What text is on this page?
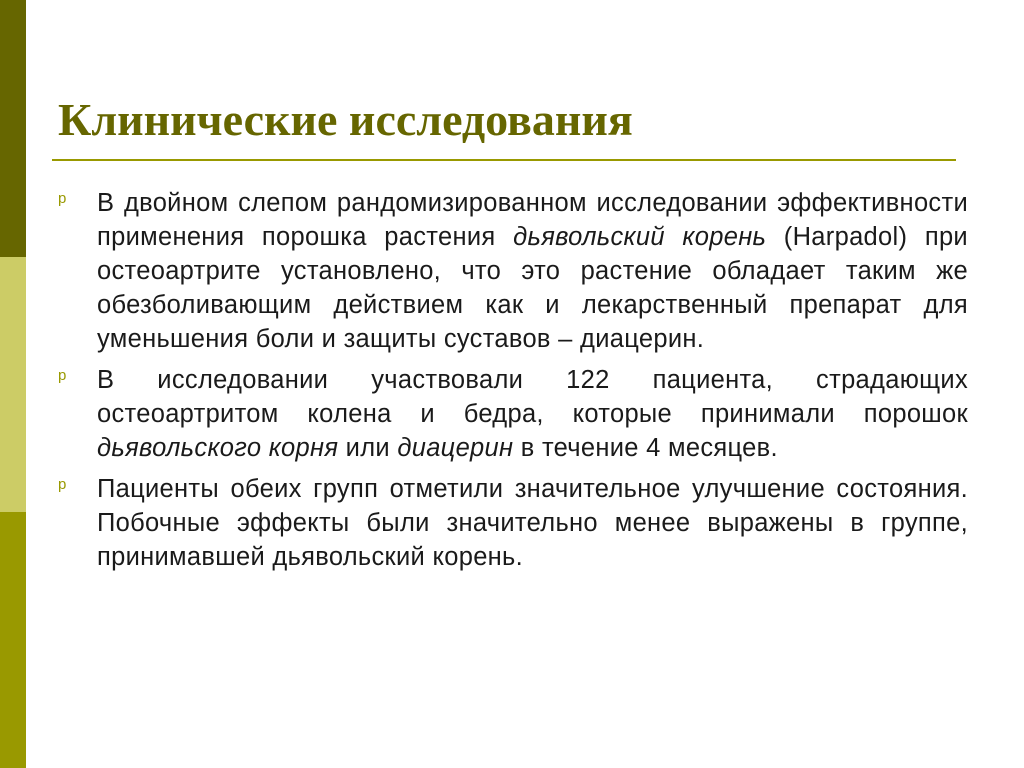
Клинические исследования
p В двойном слепом рандомизированном исследовании эффективности применения порошка растения дьявольский корень (Harpadol) при остеоартрите установлено, что это растение обладает таким же обезболивающим действием как и лекарственный препарат для уменьшения боли и защиты суставов – диацерин.
p В исследовании участвовали 122 пациента, страдающих остеоартритом колена и бедра, которые принимали порошок дьявольского корня или диацерин в течение 4 месяцев.
p Пациенты обеих групп отметили значительное улучшение состояния. Побочные эффекты были значительно менее выражены в группе, принимавшей дьявольский корень.
